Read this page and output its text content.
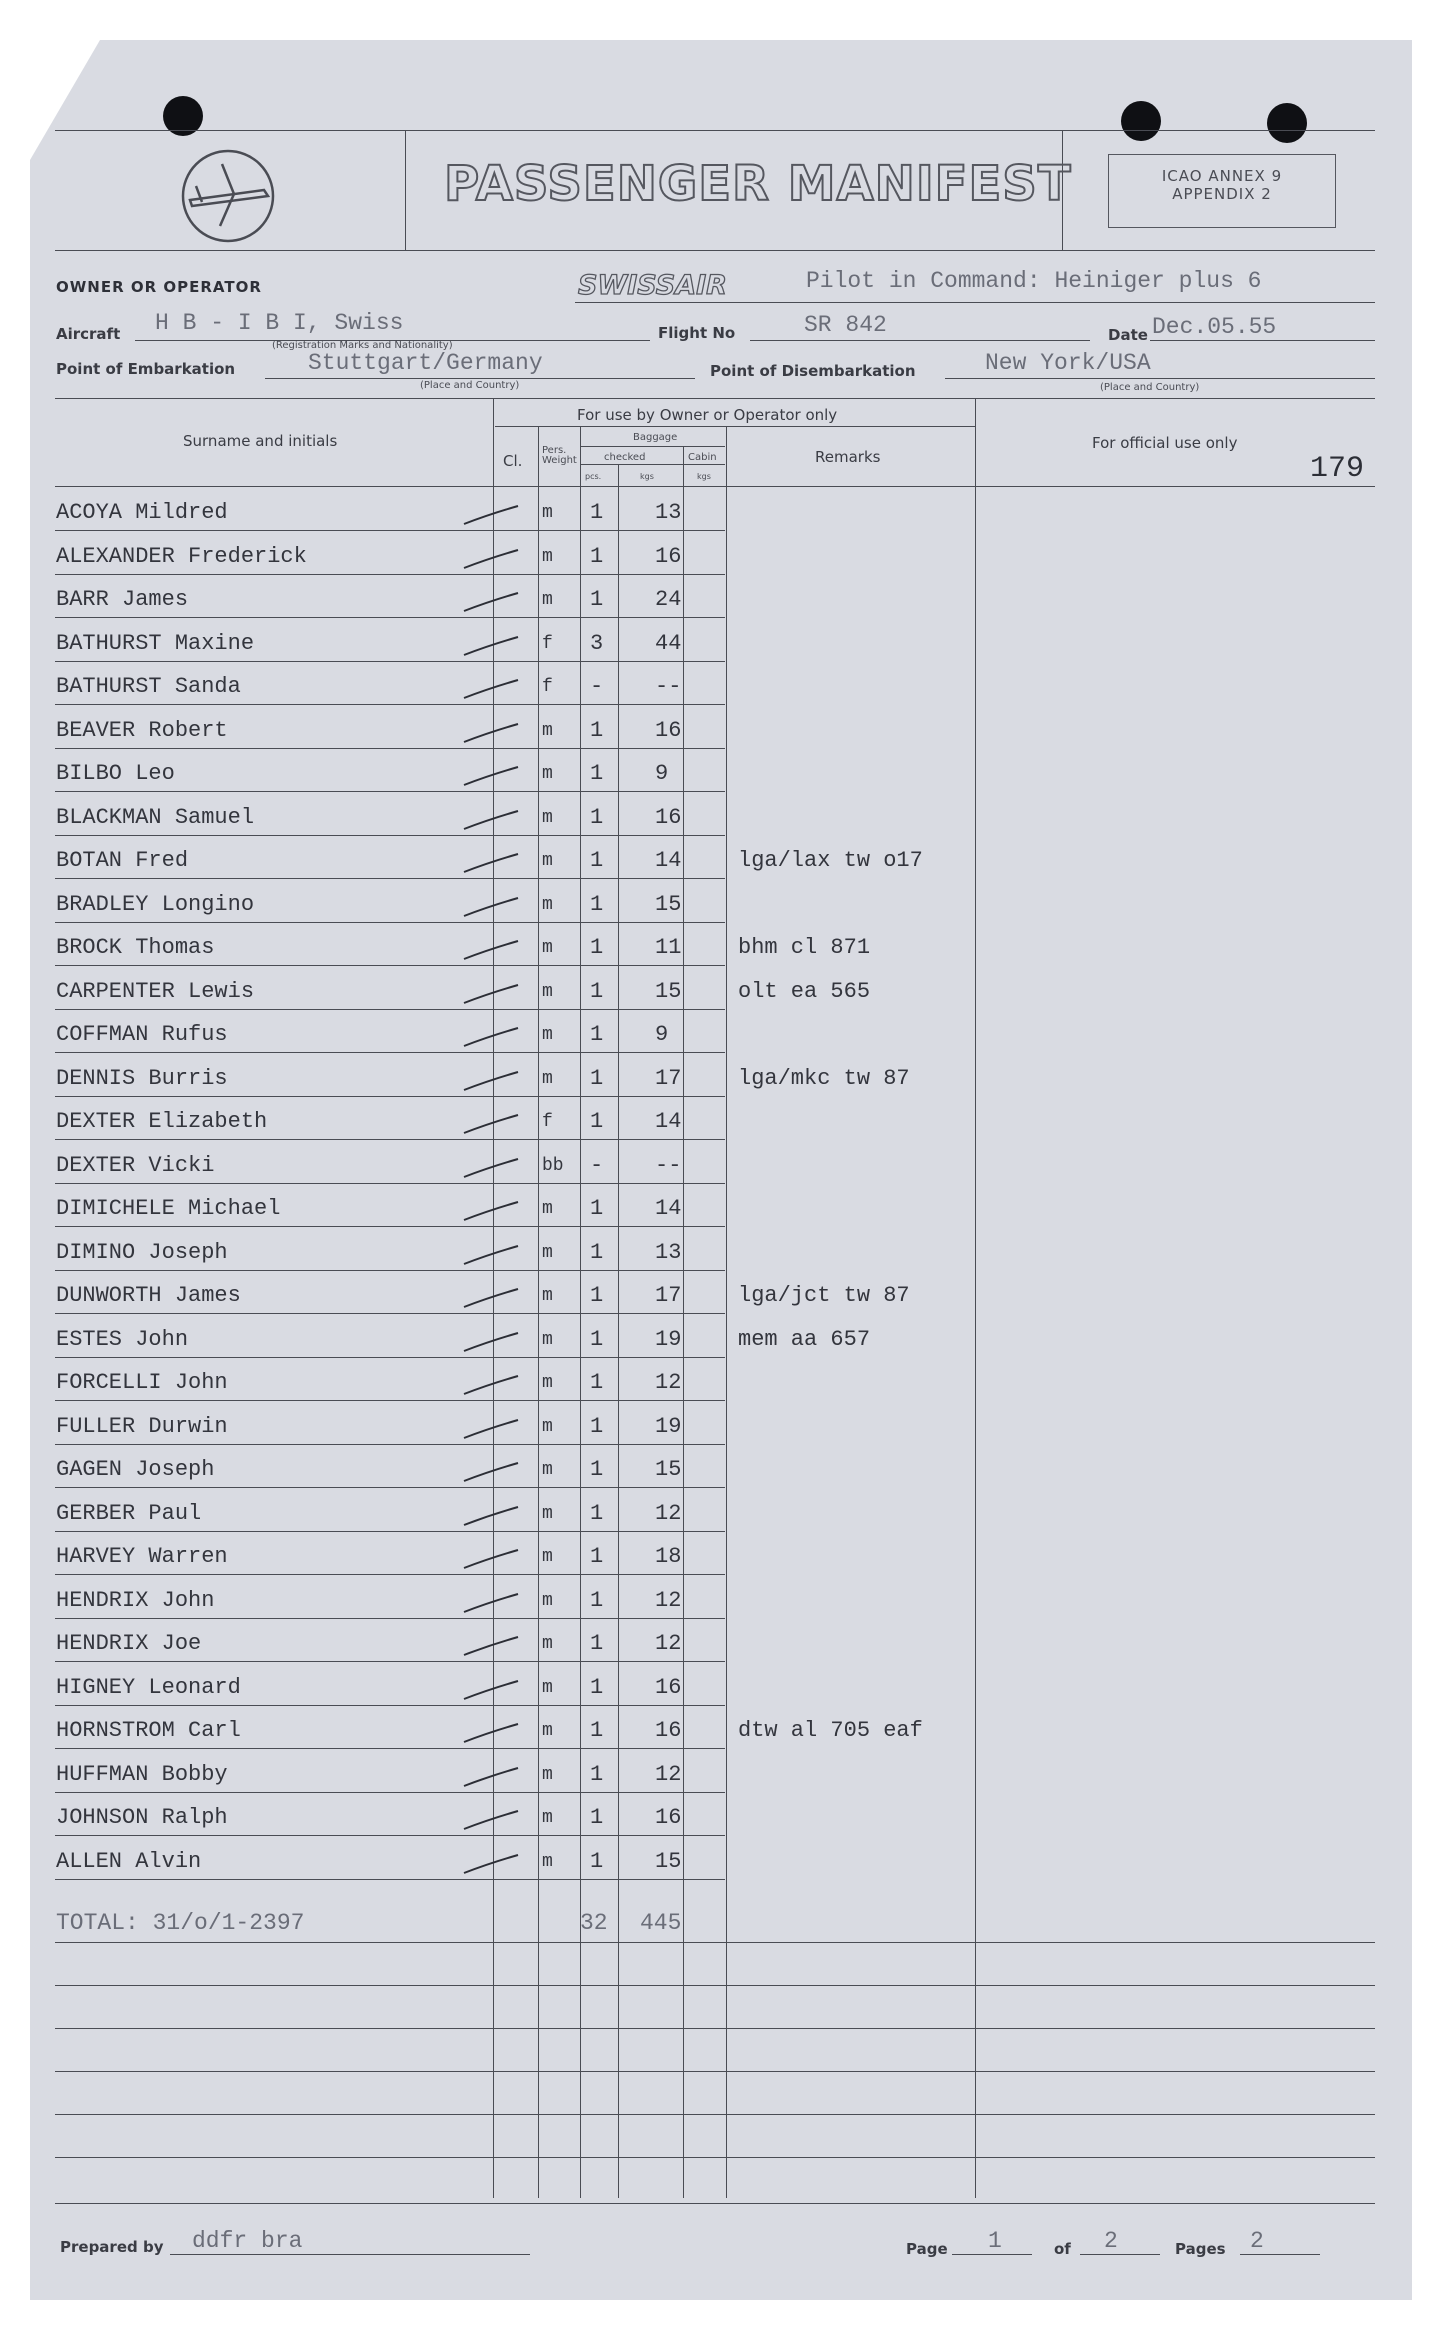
PASSENGER MANIFEST	ICAO ANNEX 9
APPENDIX 2
OWNER OR OPERATOR	SWISSAIR	Pilot in Command: Heiniger plus 6
Aircraft H B - I B I, Swiss
(Registration Marks and Nationality)
Flight No	SR 842	Date Dec.05.55
Point of Embarkation	Stuttgart/Germany
(Place and Country)
Point of Disembarkation	New York/USA
(Place and Country)
Surname and initials
For use by Owner or Operator only
Cl.
Pers. Weight
Baggage
checked	Cabin
pcs.	kgs	kgs
Remarks
For official use only
179
ACOYA Mildred	m 1 13
ALEXANDER Frederick	m 1 16
BARR James	m 1 24
BATHURST Maxine	f 3 44
BATHURST Sanda	f - --
BEAVER Robert	m 1 16
BILBO Leo	m 1 9
BLACKMAN Samuel	m 1 16
BOTAN Fred	m 1 14	lga/lax tw o17
BRADLEY Longino	m 1 15
BROCK Thomas	m 1 11	bhm cl 871
CARPENTER Lewis	m 1 15	olt ea 565
COFFMAN Rufus	m 1 9
DENNIS Burris	m 1 17	lga/mkc tw 87
DEXTER Elizabeth	f 1 14
DEXTER Vicki	bb - --
DIMICHELE Michael	m 1 14
DIMINO Joseph	m 1 13
DUNWORTH James	m 1 17	lga/jct tw 87
ESTES John	m 1 19	mem aa 657
FORCELLI John	m 1 12
FULLER Durwin	m 1 19
GAGEN Joseph	m 1 15
GERBER Paul	m 1 12
HARVEY Warren	m 1 18
HENDRIX John	m 1 12
HENDRIX Joe	m 1 12
HIGNEY Leonard	m 1 16
HORNSTROM Carl	m 1 16	dtw al 705 eaf
HUFFMAN Bobby	m 1 12
JOHNSON Ralph	m 1 16
ALLEN Alvin	m 1 15
TOTAL: 31/o/1-2397	32 445
Prepared by ddfr bra	Page 1	of 2	Pages 2
